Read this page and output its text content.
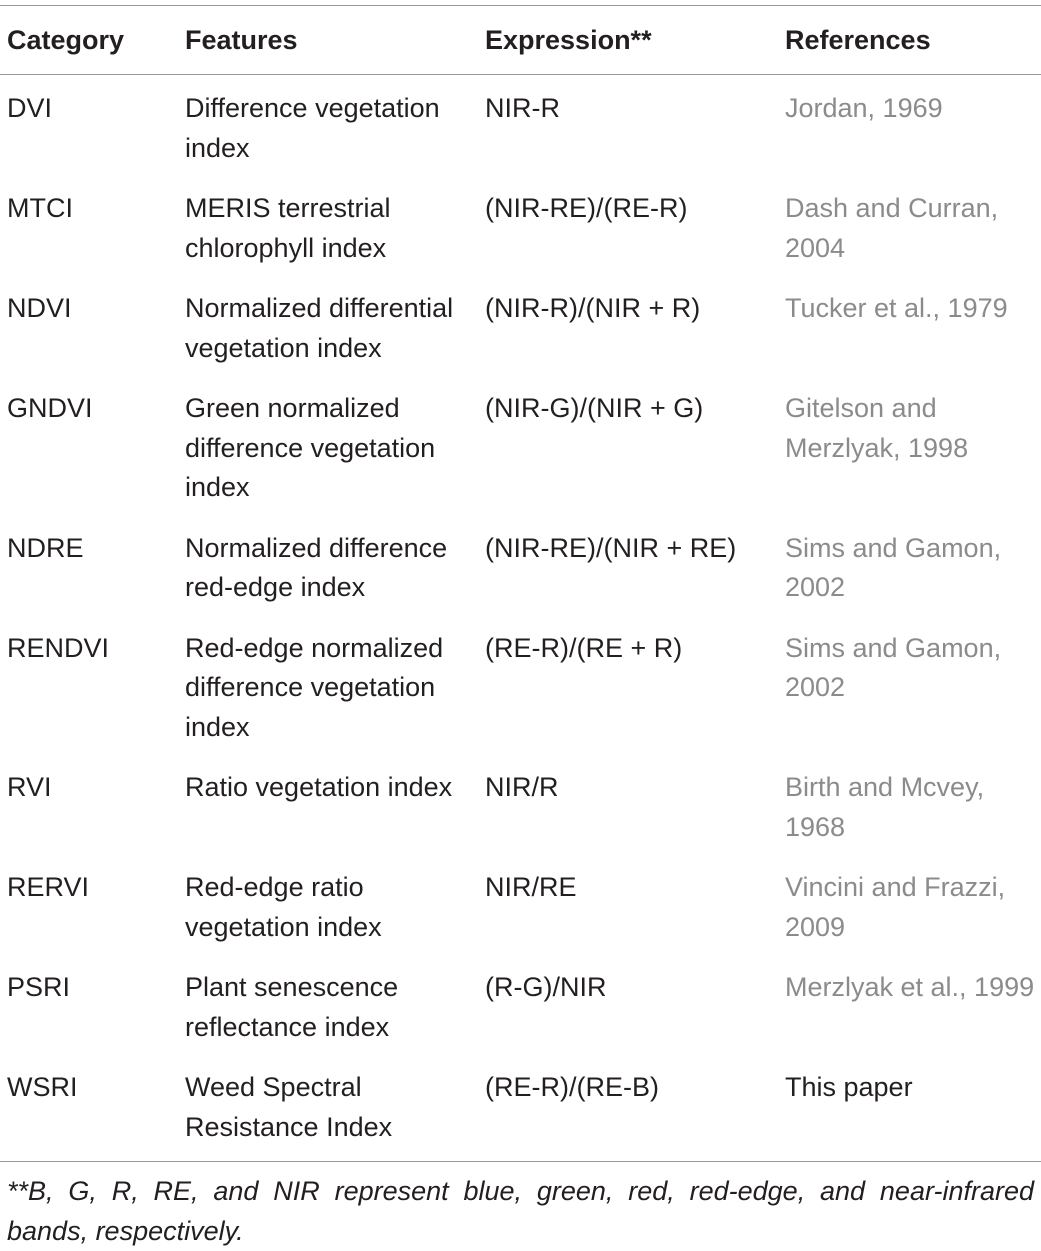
Category	Features	Expression**	References
DVI	Difference vegetation index	NIR-R	Jordan, 1969
MTCI	MERIS terrestrial chlorophyll index	(NIR-RE)/(RE-R)	Dash and Curran, 2004
NDVI	Normalized differential vegetation index	(NIR-R)/(NIR + R)	Tucker et al., 1979
GNDVI	Green normalized difference vegetation index	(NIR-G)/(NIR + G)	Gitelson and Merzlyak, 1998
NDRE	Normalized difference red-edge index	(NIR-RE)/(NIR + RE)	Sims and Gamon, 2002
RENDVI	Red-edge normalized difference vegetation index	(RE-R)/(RE + R)	Sims and Gamon, 2002
RVI	Ratio vegetation index	NIR/R	Birth and Mcvey, 1968
RERVI	Red-edge ratio vegetation index	NIR/RE	Vincini and Frazzi, 2009
PSRI	Plant senescence reflectance index	(R-G)/NIR	Merzlyak et al., 1999
WSRI	Weed Spectral Resistance Index	(RE-R)/(RE-B)	This paper
**B, G, R, RE, and NIR represent blue, green, red, red-edge, and near-infrared bands, respectively.
